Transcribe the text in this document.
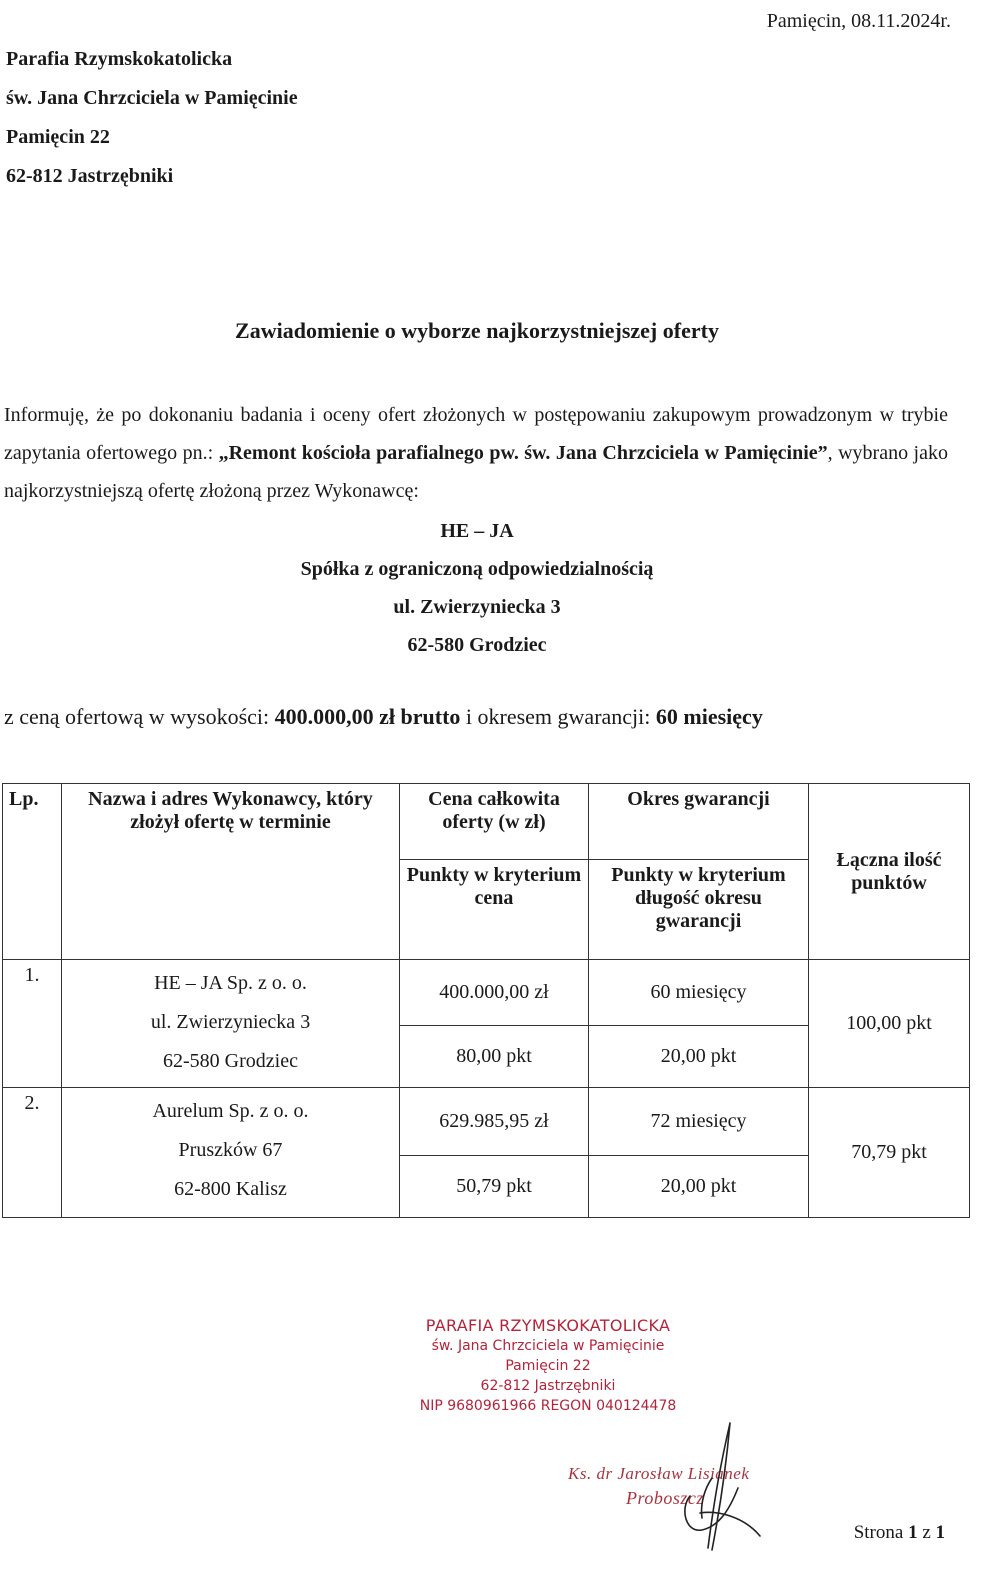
Pamięcin, 08.11.2024r.
Parafia Rzymskokatolicka
św. Jana Chrzciciela w Pamięcinie
Pamięcin 22
62-812 Jastrzębniki
Zawiadomienie o wyborze najkorzystniejszej oferty
Informuję, że po dokonaniu badania i oceny ofert złożonych w postępowaniu zakupowym prowadzonym w trybie zapytania ofertowego pn.: „Remont kościoła parafialnego pw. św. Jana Chrzciciela w Pamięcinie”, wybrano jako najkorzystniejszą ofertę złożoną przez Wykonawcę:
HE – JA
Spółka z ograniczoną odpowiedzialnością
ul. Zwierzyniecka 3
62-580 Grodziec
z ceną ofertową w wysokości: 400.000,00 zł brutto i okresem gwarancji: 60 miesięcy
Lp.	Nazwa i adres Wykonawcy, który złożył ofertę w terminie	Cena całkowita oferty (w zł)	Okres gwarancji	Łączna ilość punktów
		Punkty w kryterium cena	Punkty w kryterium długość okresu gwarancji	
1.	HE – JA Sp. z o. o.
ul. Zwierzyniecka 3
62-580 Grodziec	400.000,00 zł	60 miesięcy	100,00 pkt
		80,00 pkt	20,00 pkt	
2.	Aurelum Sp. z o. o.
Pruszków 67
62-800 Kalisz	629.985,95 zł	72 miesięcy	70,79 pkt
		50,79 pkt	20,00 pkt	
PARAFIA RZYMSKOKATOLICKA
św. Jana Chrzciciela w Pamięcinie
Pamięcin 22
62-812 Jastrzębniki
NIP 9680961966 REGON 040124478
Ks. dr Jarosław Lisianek
Proboszcz
Strona 1 z 1
